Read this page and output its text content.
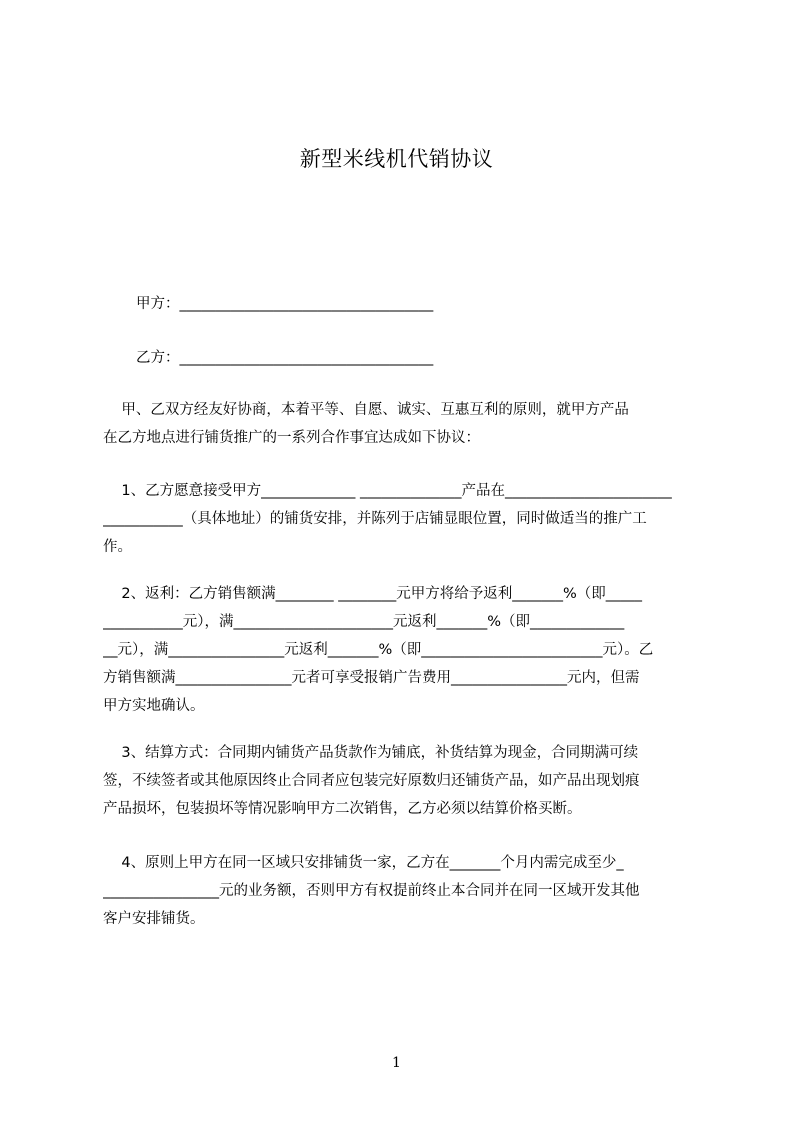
新型米线机代销协议
甲方：___________________________________
乙方：___________________________________
甲、乙双方经友好协商，本着平等、自愿、诚实、互惠互利的原则，就甲方产品
在乙方地点进行铺货推广的一系列合作事宜达成如下协议：
1、乙方愿意接受甲方_____________ ______________产品在_______________________
___________（具体地址）的铺货安排，并陈列于店铺显眼位置，同时做适当的推广工
作。
2、返利：乙方销售额满________ ________元甲方将给予返利_______%（即_____
___________元），满______________________元返利_______%（即_____________
__元），满________________元返利_______%（即_________________________元）。乙
方销售额满________________元者可享受报销广告费用________________元内，但需
甲方实地确认。
3、结算方式：合同期内铺货产品货款作为铺底，补货结算为现金，合同期满可续
签，不续签者或其他原因终止合同者应包装完好原数归还铺货产品，如产品出现划痕
产品损坏，包装损坏等情况影响甲方二次销售，乙方必须以结算价格买断。
4、原则上甲方在同一区域只安排铺货一家，乙方在_______个月内需完成至少_
________________元的业务额，否则甲方有权提前终止本合同并在同一区域开发其他
客户安排铺货。
1
